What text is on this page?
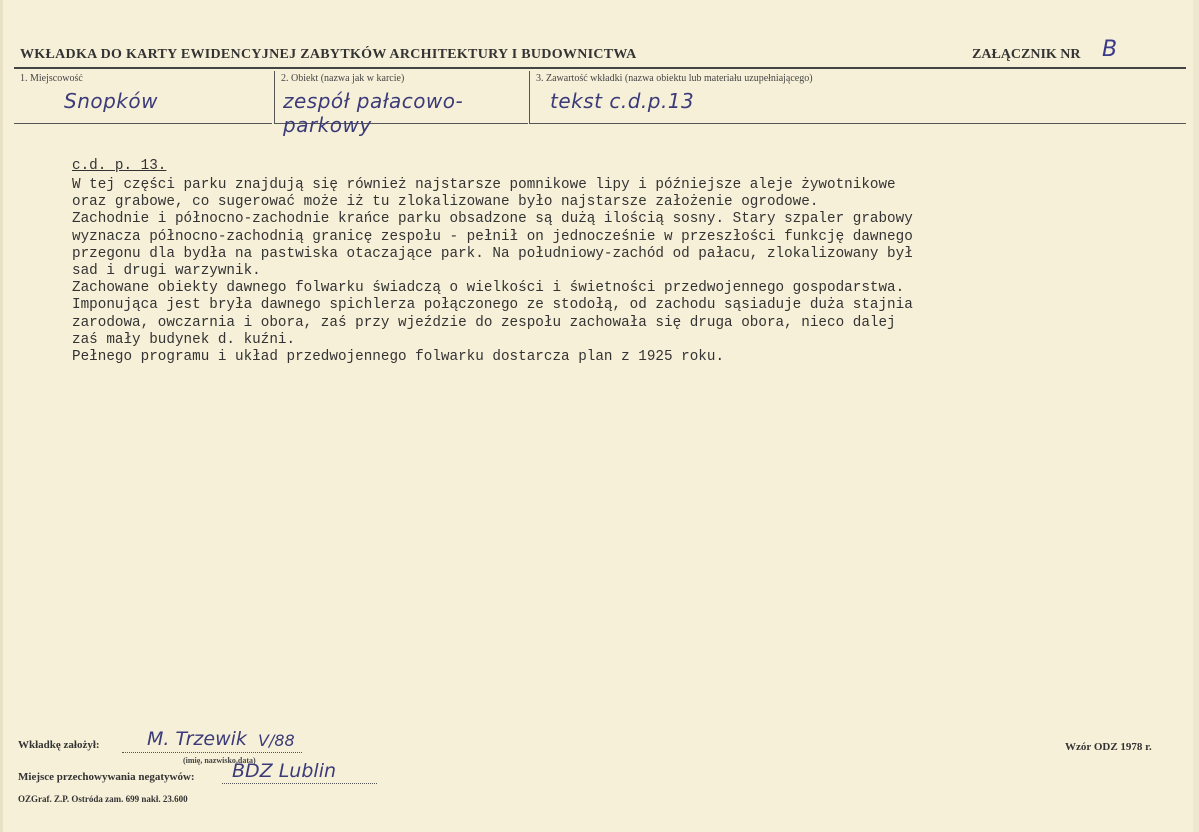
WKŁADKA DO KARTY EWIDENCYJNEJ ZABYTKÓW ARCHITEKTURY I BUDOWNICTWA	ZAŁĄCZNIK NR B
1. Miejscowość
Snopków
2. Obiekt (nazwa jak w karcie)
zespół pałacowo-parkowy
3. Zawartość wkładki (nazwa obiektu lub materiału uzupełniającego)
tekst c.d.p.13
c.d. p. 13.
W tej części parku znajdują się również najstarsze pomnikowe lipy i późniejsze aleje żywotnikowe
oraz grabowe, co sugerować może iż tu zlokalizowane było najstarsze założenie ogrodowe.
Zachodnie i północno-zachodnie krańce parku obsadzone są dużą ilością sosny. Stary szpaler grabowy
wyznacza północno-zachodnią granicę zespołu - pełnił on jednocześnie w przeszłości funkcję dawnego
przegonu dla bydła na pastwiska otaczające park. Na południowy-zachód od pałacu, zlokalizowany był
sad i drugi warzywnik.
Zachowane obiekty dawnego folwarku świadczą o wielkości i świetności przedwojennego gospodarstwa.
Imponująca jest bryła dawnego spichlerza połączonego ze stodołą, od zachodu sąsiaduje duża stajnia
zarodowa, owczarnia i obora, zaś przy wjeździe do zespołu zachowała się druga obora, nieco dalej
zaś mały budynek d. kuźni.
Pełnego programu i układ przedwojennego folwarku dostarcza plan z 1925 roku.
Wkładkę założył: M. Trzewik V/88
(imię, nazwisko,data)
Miejsce przechowywania negatywów: BDZ Lublin
Wzór ODZ 1978 r.
OZGraf. Z.P. Ostróda zam. 699 nakł. 23.600
